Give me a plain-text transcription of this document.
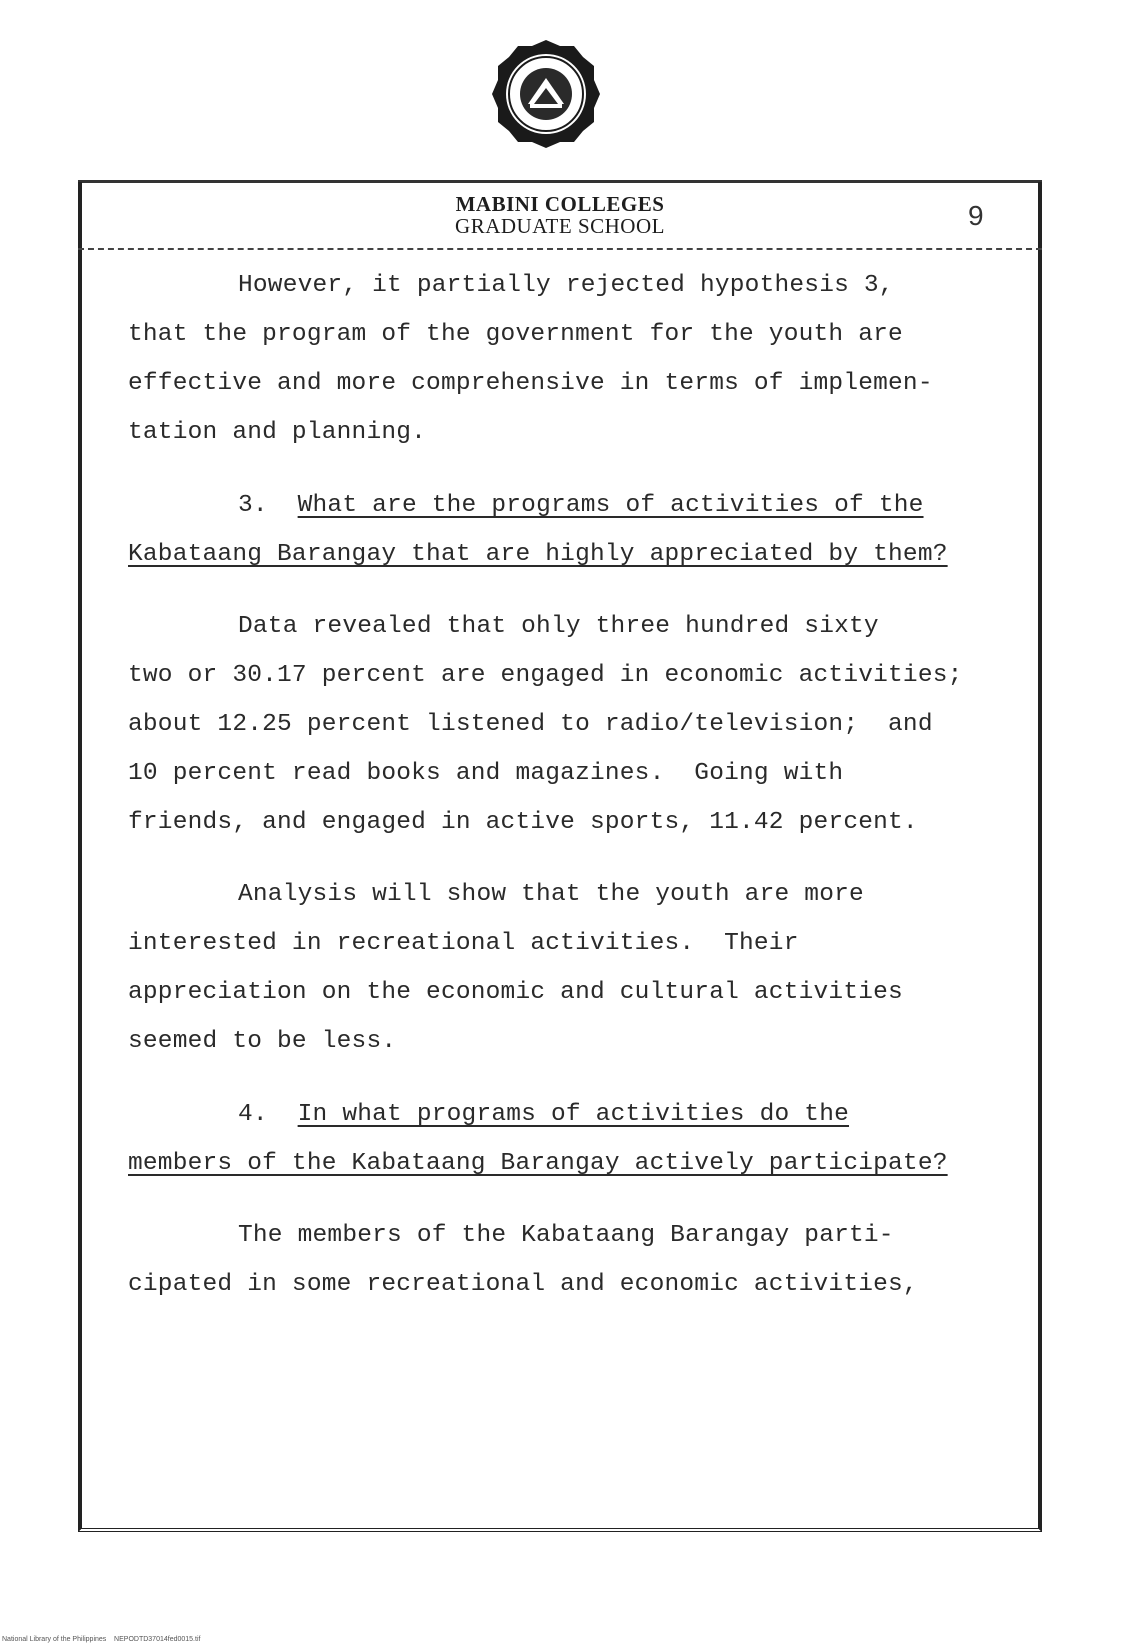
MABINI COLLEGES
GRADUATE SCHOOL	9
However, it partially rejected hypothesis 3,
that the program of the government for the youth are
effective and more comprehensive in terms of implemen-
tation and planning.
3. What are the programs of activities of the
Kabataang Barangay that are highly appreciated by them?
Data revealed that ohly three hundred sixty
two or 30.17 percent are engaged in economic activities;
about 12.25 percent listened to radio/television;  and
10 percent read books and magazines.  Going with
friends, and engaged in active sports, 11.42 percent.
Analysis will show that the youth are more
interested in recreational activities.  Their
appreciation on the economic and cultural activities
seemed to be less.
4. In what programs of activities do the
members of the Kabataang Barangay actively participate?
The members of the Kabataang Barangay parti-
cipated in some recreational and economic activities,
National Library of the Philippines    NEPODTD37014fed0015.tif
